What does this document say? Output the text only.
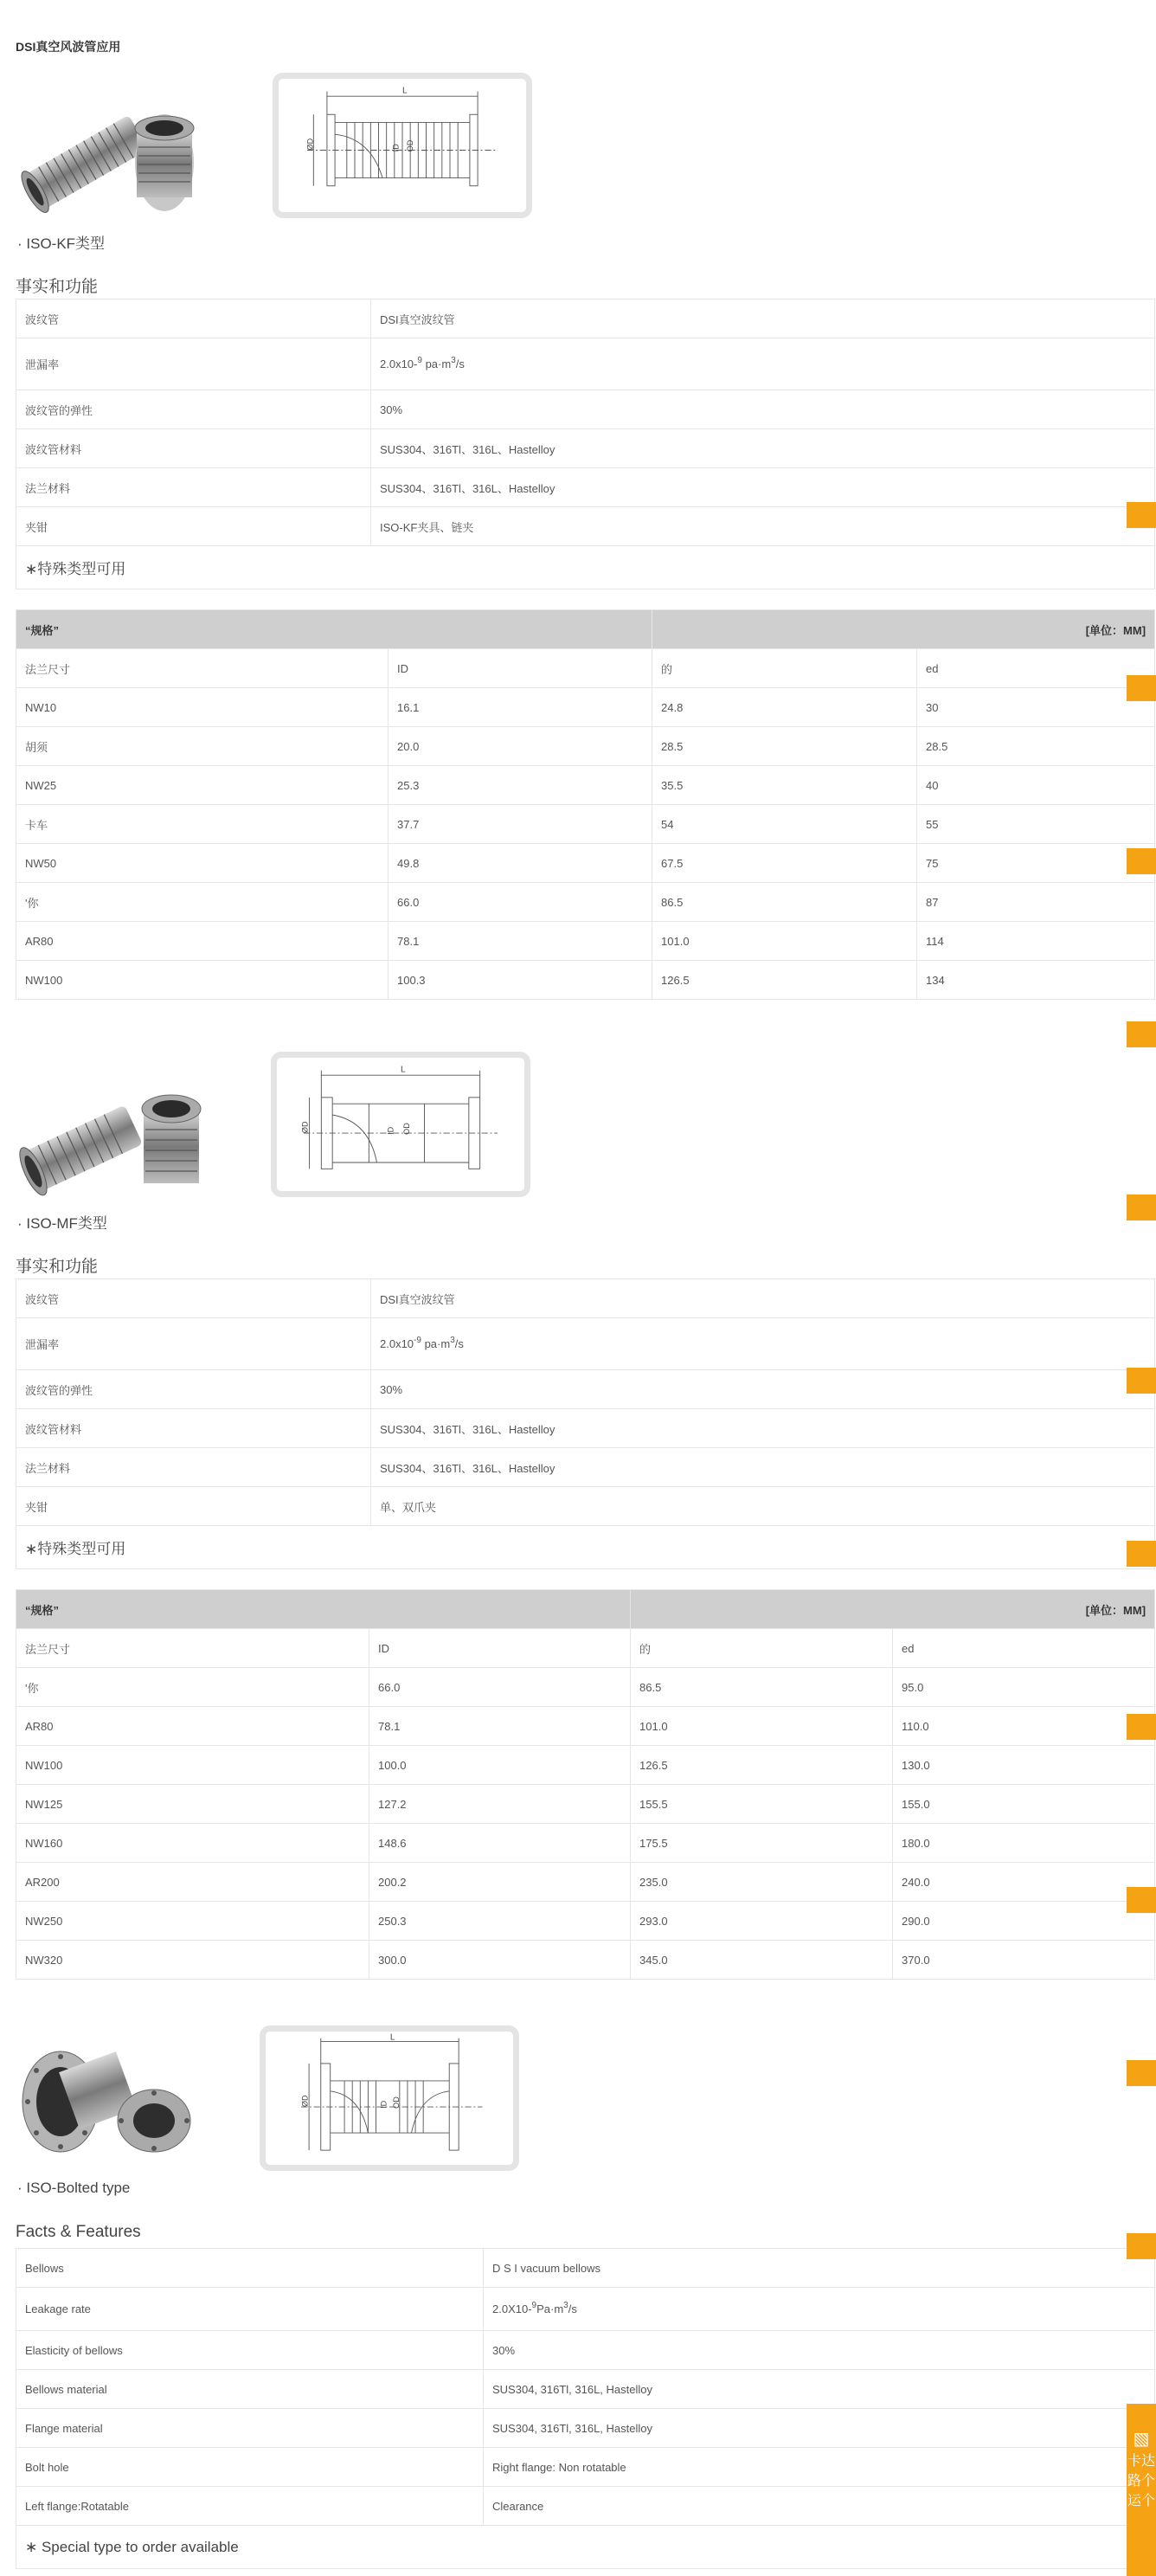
DSI真空风波管应用
L
OD
ID
ØD
· ISO-KF类型
事实和功能
波纹管	DSI真空波纹管
泄漏率	2.0x10-$^9$ $pa\cdot m^3/s$
波纹管的弹性	30%
波纹管材料	SUS304、316Tl、316L、Hastelloy
法兰材料	SUS304、316Tl、316L、Hastelloy
夹钳	ISO-KF夹具、链夹
∗特殊类型可用	
“规格”		[单位：MM]	
法兰尺寸	ID	的	ed
NW10	16.1	24.8	30
胡须	20.0	28.5	28.5
NW25	25.3	35.5	40
卡车	37.7	54	55
NW50	49.8	67.5	75
'你	66.0	86.5	87
AR80	78.1	101.0	114
NW100	100.3	126.5	134
L
OD
ID
ØD
· ISO-MF类型
事实和功能
波纹管	DSI真空波纹管
泄漏率	$2.0x10^{-9}$ $pa\cdot m^3/s$
波纹管的弹性	30%
波纹管材料	SUS304、316Tl、316L、Hastelloy
法兰材料	SUS304、316Tl、316L、Hastelloy
夹钳	单、双爪夹
∗特殊类型可用	
“规格”		[单位：MM]	
法兰尺寸	ID	的	ed
'你	66.0	86.5	95.0
AR80	78.1	101.0	110.0
NW100	100.0	126.5	130.0
NW125	127.2	155.5	155.0
NW160	148.6	175.5	180.0
AR200	200.2	235.0	240.0
NW250	250.3	293.0	290.0
NW320	300.0	345.0	370.0
L
OD
ID
ØD
· ISO-Bolted type
Facts & Features
Bellows	D S I vacuum bellows
Leakage rate	$2.0X10-^9Pa\cdot m^3/s$
Elasticity of bellows	30%
Bellows material	SUS304, 316Tl, 316L, Hastelloy
Flange material	SUS304, 316Tl, 316L, Hastelloy
Bolt hole	Right flange: Non rotatable
Left flange:Rotatable	Clearance
∗ Special type to order available	
▧
卡达
路个
运个
